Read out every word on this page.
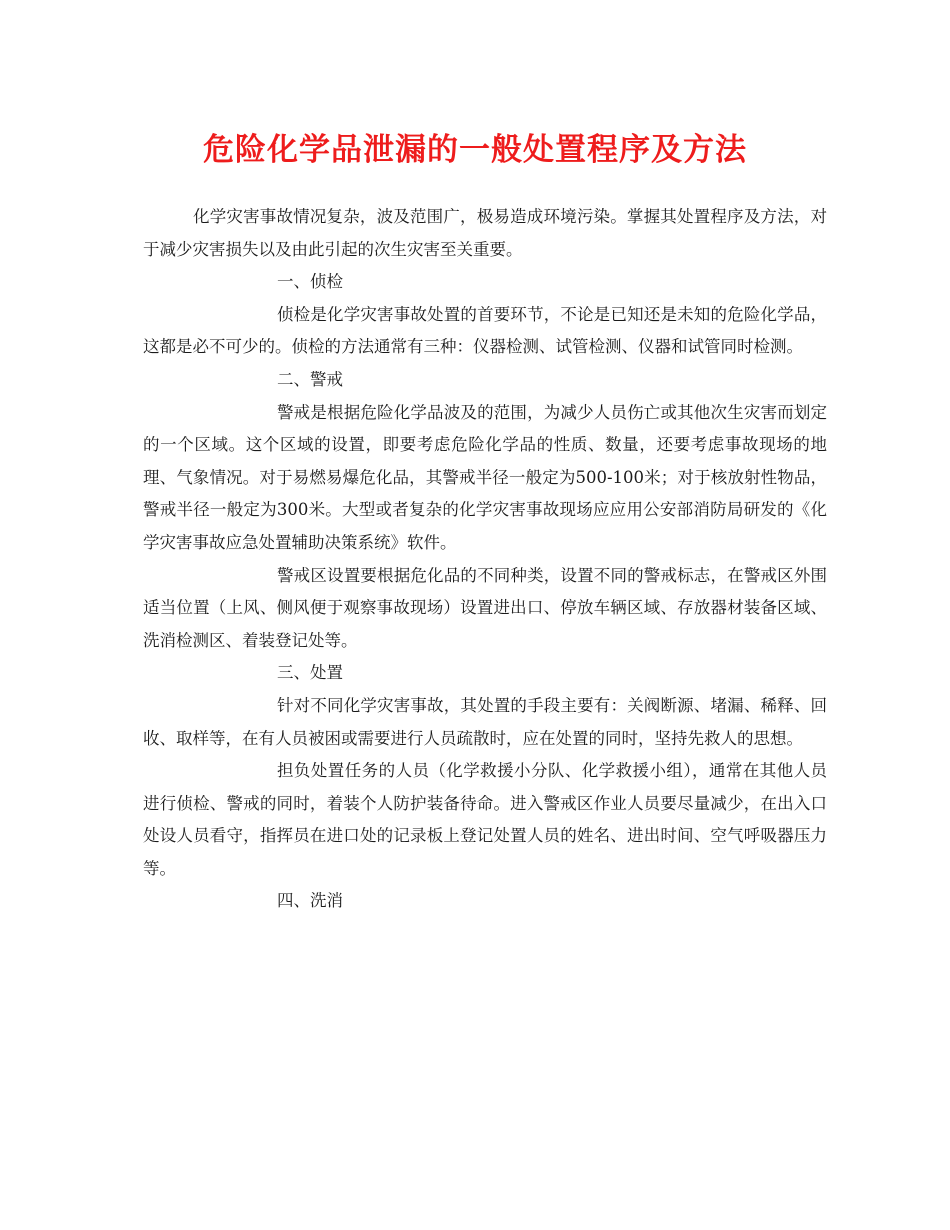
危险化学品泄漏的一般处置程序及方法

化学灾害事故情况复杂，波及范围广，极易造成环境污染。掌握其处置程序及方法，对于减少灾害损失以及由此引起的次生灾害至关重要。

一、侦检

侦检是化学灾害事故处置的首要环节，不论是已知还是未知的危险化学品，这都是必不可少的。侦检的方法通常有三种：仪器检测、试管检测、仪器和试管同时检测。

二、警戒

警戒是根据危险化学品波及的范围，为减少人员伤亡或其他次生灾害而划定的一个区域。这个区域的设置，即要考虑危险化学品的性质、数量，还要考虑事故现场的地理、气象情况。对于易燃易爆危化品，其警戒半径一般定为500-100米；对于核放射性物品，警戒半径一般定为300米。大型或者复杂的化学灾害事故现场应应用公安部消防局研发的《化学灾害事故应急处置辅助决策系统》软件。

警戒区设置要根据危化品的不同种类，设置不同的警戒标志，在警戒区外围适当位置（上风、侧风便于观察事故现场）设置进出口、停放车辆区域、存放器材装备区域、洗消检测区、着装登记处等。

三、处置

针对不同化学灾害事故，其处置的手段主要有：关阀断源、堵漏、稀释、回收、取样等，在有人员被困或需要进行人员疏散时，应在处置的同时，坚持先救人的思想。

担负处置任务的人员（化学救援小分队、化学救援小组），通常在其他人员进行侦检、警戒的同时，着装个人防护装备待命。进入警戒区作业人员要尽量减少，在出入口处设人员看守，指挥员在进口处的记录板上登记处置人员的姓名、进出时间、空气呼吸器压力等。

四、洗消
